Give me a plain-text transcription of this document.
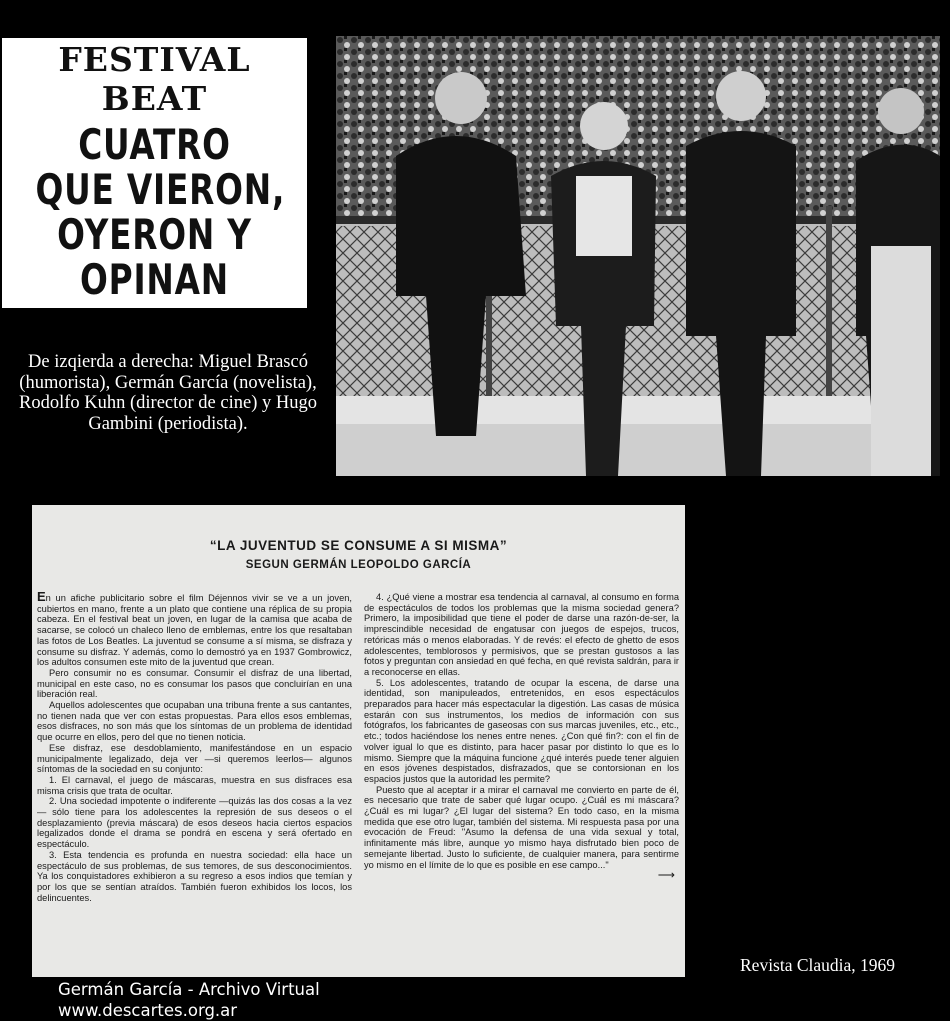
FESTIVAL BEAT
CUATRO
QUE VIERON,
OYERON Y
OPINAN
De izqierda a derecha: Miguel Brascó (humorista), Germán García (novelista), Rodolfo Kuhn (director de cine) y Hugo Gambini (periodista).
“LA JUVENTUD SE CONSUME A SI MISMA”
SEGUN GERMÁN LEOPOLDO GARCÍA

En un afiche publicitario sobre el film Déjennos vivir se ve a un joven, cubiertos en mano, frente a un plato que contiene una réplica de su propia cabeza. En el festival beat un joven, en lugar de la camisa que acaba de sacarse, se colocó un chaleco lleno de emblemas, entre los que resaltaban las fotos de Los Beatles. La juventud se consume a sí misma, se disfraza y consume su disfraz. Y además, como lo demostró ya en 1937 Gombrowicz, los adultos consumen este mito de la juventud que crean.

Pero consumir no es consumar. Consumir el disfraz de una libertad, municipal en este caso, no es consumar los pasos que concluirían en una liberación real.

Aquellos adolescentes que ocupaban una tribuna frente a sus cantantes, no tienen nada que ver con estas propuestas. Para ellos esos emblemas, esos disfraces, no son más que los síntomas de un problema de identidad que ocurre en ellos, pero del que no tienen noticia.

Ese disfraz, ese desdoblamiento, manifestándose en un espacio municipalmente legalizado, deja ver —si queremos leerlos— algunos síntomas de la sociedad en su conjunto:

1. El carnaval, el juego de máscaras, muestra en sus disfraces esa misma crisis que trata de ocultar.

2. Una sociedad impotente o indiferente —quizás las dos cosas a la vez— sólo tiene para los adolescentes la represión de sus deseos o el desplazamiento (previa máscara) de esos deseos hacia ciertos espacios legalizados donde el drama se pondrá en escena y será ofertado en espectáculo.

3. Esta tendencia es profunda en nuestra sociedad: ella hace un espectáculo de sus problemas, de sus temores, de sus desconocimientos. Ya los conquistadores exhibieron a su regreso a esos indios que temían y por los que se sentían atraídos. También fueron exhibidos los locos, los delincuentes.

4. ¿Qué viene a mostrar esa tendencia al carnaval, al consumo en forma de espectáculos de todos los problemas que la misma sociedad genera? Primero, la imposibilidad que tiene el poder de darse una razón-de-ser, la imprescindible necesidad de engatusar con juegos de espejos, trucos, retóricas más o menos elaboradas. Y de revés: el efecto de ghetto de esos adolescentes, temblorosos y permisivos, que se prestan gustosos a las fotos y preguntan con ansiedad en qué fecha, en qué revista saldrán, para ir a reconocerse en ellas.

5. Los adolescentes, tratando de ocupar la escena, de darse una identidad, son manipuleados, entretenidos, en esos espectáculos preparados para hacer más espectacular la digestión. Las casas de música estarán con sus instrumentos, los medios de información con sus fotógrafos, los fabricantes de gaseosas con sus marcas juveniles, etc., etc., etc.; todos haciéndose los nenes entre nenes. ¿Con qué fin?: con el fin de volver igual lo que es distinto, para hacer pasar por distinto lo que es lo mismo. Siempre que la máquina funcione ¿qué interés puede tener alguien en esos jóvenes despistados, disfrazados, que se contorsionan en los espacios justos que la autoridad les permite?

Puesto que al aceptar ir a mirar el carnaval me convierto en parte de él, es necesario que trate de saber qué lugar ocupo. ¿Cuál es mi máscara? ¿Cuál es mi lugar? ¿El lugar del sistema? En todo caso, en la misma medida que ese otro lugar, también del sistema. Mi respuesta pasa por una evocación de Freud: "Asumo la defensa de una vida sexual y total, infinitamente más libre, aunque yo mismo haya disfrutado bien poco de semejante libertad. Justo lo suficiente, de cualquier manera, para sentirme yo mismo en el límite de lo que es posible en ese campo..."

⟶
Revista Claudia, 1969
Germán García - Archivo Virtual
www.descartes.org.ar
